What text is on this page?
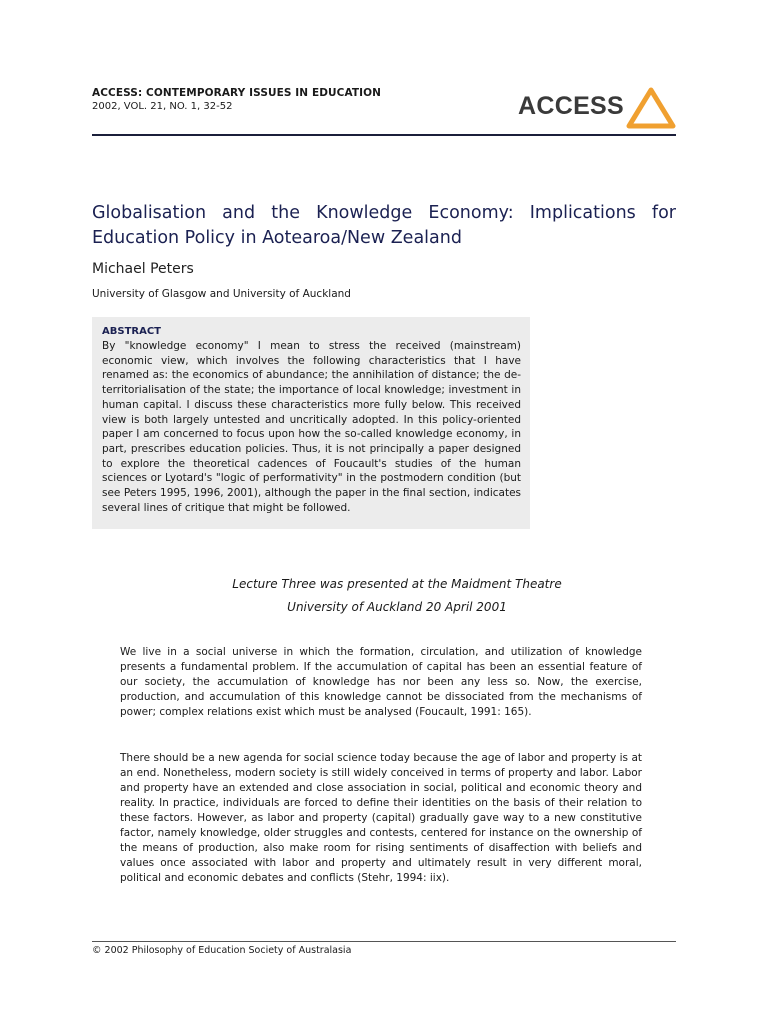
ACCESS: CONTEMPORARY ISSUES IN EDUCATION
2002, VOL. 21, NO. 1, 32-52	ACCESS
Globalisation and the Knowledge Economy: Implications for Education Policy in Aotearoa/New Zealand
Michael Peters
University of Glasgow and University of Auckland
ABSTRACT
By "knowledge economy" I mean to stress the received (mainstream) economic view, which involves the following characteristics that I have renamed as: the economics of abundance; the annihilation of distance; the de-territorialisation of the state; the importance of local knowledge; investment in human capital. I discuss these characteristics more fully below. This received view is both largely untested and uncritically adopted. In this policy-oriented paper I am concerned to focus upon how the so-called knowledge economy, in part, prescribes education policies. Thus, it is not principally a paper designed to explore the theoretical cadences of Foucault's studies of the human sciences or Lyotard's "logic of performativity" in the postmodern condition (but see Peters 1995, 1996, 2001), although the paper in the final section, indicates several lines of critique that might be followed.
Lecture Three was presented at the Maidment Theatre
University of Auckland 20 April 2001
We live in a social universe in which the formation, circulation, and utilization of knowledge presents a fundamental problem. If the accumulation of capital has been an essential feature of our society, the accumulation of knowledge has nor been any less so. Now, the exercise, production, and accumulation of this knowledge cannot be dissociated from the mechanisms of power; complex relations exist which must be analysed (Foucault, 1991: 165).
There should be a new agenda for social science today because the age of labor and property is at an end. Nonetheless, modern society is still widely conceived in terms of property and labor. Labor and property have an extended and close association in social, political and economic theory and reality. In practice, individuals are forced to define their identities on the basis of their relation to these factors. However, as labor and property (capital) gradually gave way to a new constitutive factor, namely knowledge, older struggles and contests, centered for instance on the ownership of the means of production, also make room for rising sentiments of disaffection with beliefs and values once associated with labor and property and ultimately result in very different moral, political and economic debates and conflicts (Stehr, 1994: iix).
© 2002 Philosophy of Education Society of Australasia
